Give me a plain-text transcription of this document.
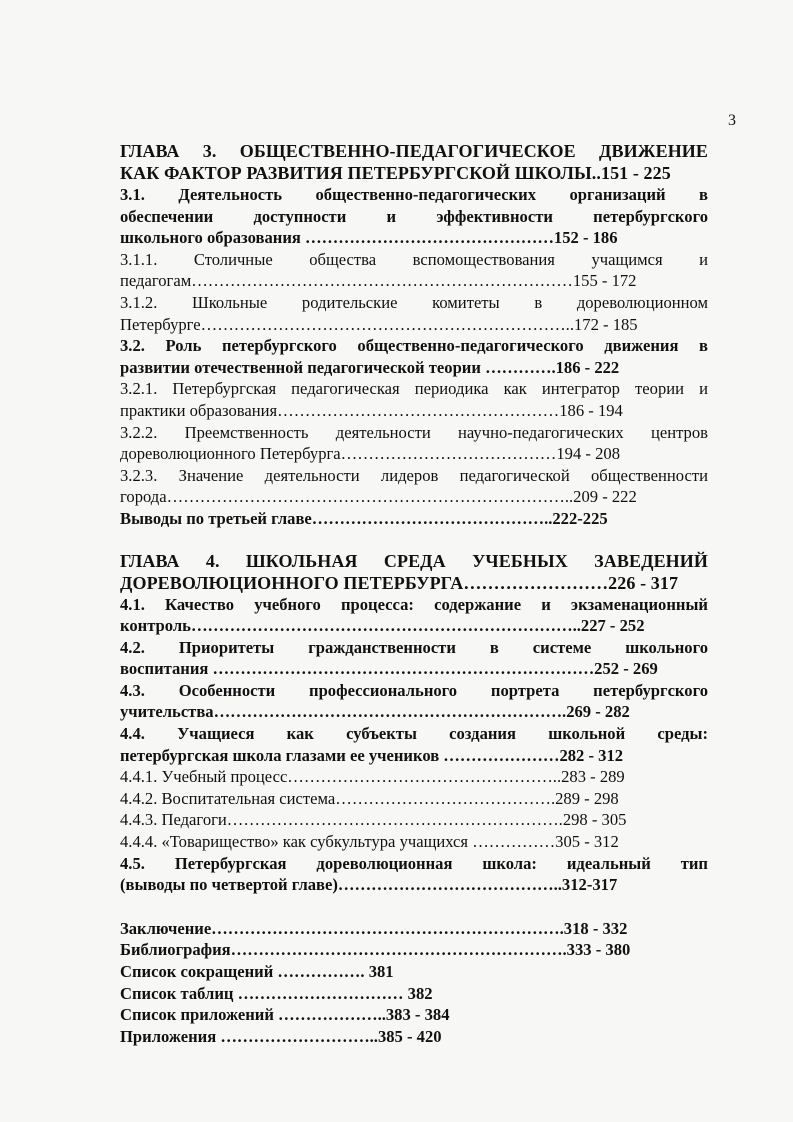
3
ГЛАВА 3. ОБЩЕСТВЕННО-ПЕДАГОГИЧЕСКОЕ ДВИЖЕНИЕ
КАК ФАКТОР РАЗВИТИЯ ПЕТЕРБУРГСКОЙ ШКОЛЫ..151 - 225
3.1. Деятельность общественно-педагогических организаций в
обеспечении доступности и эффективности петербургского
школьного образования ………………………………………152 - 186
3.1.1. Столичные общества вспомоществования учащимся и
педагогам……………………………………………………………155 - 172
3.1.2. Школьные родительские комитеты в дореволюционном
Петербурге…………………………………………………………..172 - 185
3.2. Роль петербургского общественно-педагогического движения в
развитии отечественной педагогической теории ………….186 - 222
3.2.1. Петербургская педагогическая периодика как интегратор теории и
практики образования……………………………………………186 - 194
3.2.2. Преемственность деятельности научно-педагогических центров
дореволюционного Петербурга…………………………………194 - 208
3.2.3. Значение деятельности лидеров педагогической общественности
города………………………………………………………………..209 - 222
Выводы по третьей главе……………………………………..222-225
ГЛАВА 4. ШКОЛЬНАЯ СРЕДА УЧЕБНЫХ ЗАВЕДЕНИЙ
ДОРЕВОЛЮЦИОННОГО ПЕТЕРБУРГА……………………226 - 317
4.1. Качество учебного процесса: содержание и экзаменационный
контроль……………………………………………………………..227 - 252
4.2. Приоритеты гражданственности в системе школьного
воспитания ……………………………………………………………252 - 269
4.3. Особенности профессионального портрета петербургского
учительства……………………………………………………….269 - 282
4.4. Учащиеся как субъекты создания школьной среды:
петербургская школа глазами ее учеников …………………282 - 312
4.4.1. Учебный процесс…………………………………………..283 - 289
4.4.2. Воспитательная система………………………………….289 - 298
4.4.3. Педагоги…………………………………………………….298 - 305
4.4.4. «Товарищество» как субкультура учащихся ……………305 - 312
4.5. Петербургская дореволюционная школа: идеальный тип
(выводы по четвертой главе)…………………………………..312-317
Заключение……………………………………………………….318 - 332
Библиография…………………………………………………….333 - 380
Список сокращений ……………. 381
Список таблиц ………………………… 382
Список приложений ………………..383 - 384
Приложения ………………………..385 - 420
